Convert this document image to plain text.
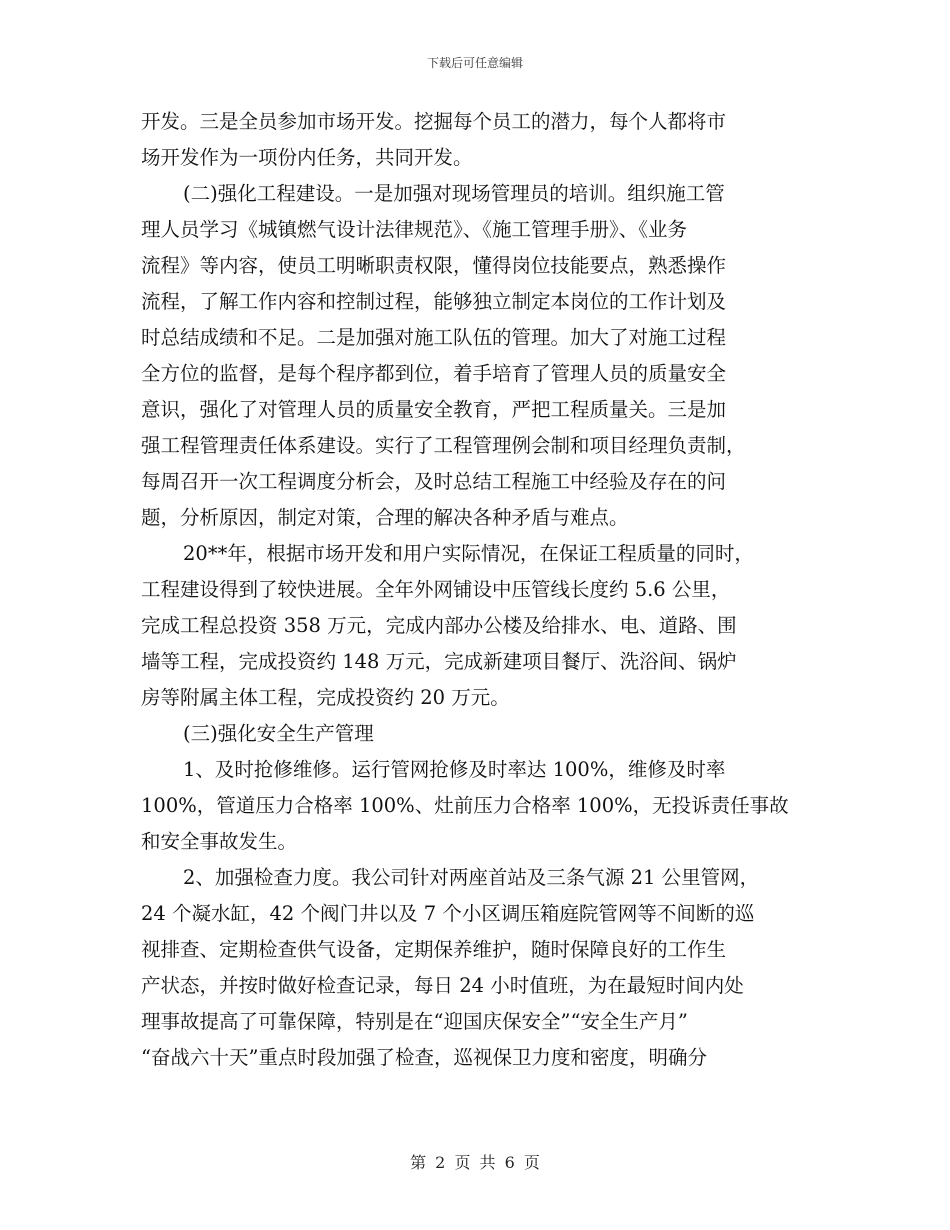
下载后可任意编辑
开发。三是全员参加市场开发。挖掘每个员工的潜力，每个人都将市
场开发作为一项份内任务，共同开发。
(二)强化工程建设。一是加强对现场管理员的培训。组织施工管
理人员学习《城镇燃气设计法律规范》、《施工管理手册》、《业务
流程》等内容，使员工明晰职责权限，懂得岗位技能要点，熟悉操作
流程，了解工作内容和控制过程，能够独立制定本岗位的工作计划及
时总结成绩和不足。二是加强对施工队伍的管理。加大了对施工过程
全方位的监督，是每个程序都到位，着手培育了管理人员的质量安全
意识，强化了对管理人员的质量安全教育，严把工程质量关。三是加
强工程管理责任体系建设。实行了工程管理例会制和项目经理负责制，
每周召开一次工程调度分析会，及时总结工程施工中经验及存在的问
题，分析原因，制定对策，合理的解决各种矛盾与难点。
20**年，根据市场开发和用户实际情况，在保证工程质量的同时，
工程建设得到了较快进展。全年外网铺设中压管线长度约 5.6 公里，
完成工程总投资 358 万元，完成内部办公楼及给排水、电、道路、围
墙等工程，完成投资约 148 万元，完成新建项目餐厅、洗浴间、锅炉
房等附属主体工程，完成投资约 20 万元。
(三)强化安全生产管理
1、及时抢修维修。运行管网抢修及时率达 100%，维修及时率
100%，管道压力合格率 100%、灶前压力合格率 100%，无投诉责任事故
和安全事故发生。
2、加强检查力度。我公司针对两座首站及三条气源 21 公里管网，
24 个凝水缸，42 个阀门井以及 7 个小区调压箱庭院管网等不间断的巡
视排查、定期检查供气设备，定期保养维护，随时保障良好的工作生
产状态，并按时做好检查记录，每日 24 小时值班，为在最短时间内处
理事故提高了可靠保障，特别是在“迎国庆保安全”“安全生产月”
“奋战六十天”重点时段加强了检查，巡视保卫力度和密度，明确分
第 2 页 共 6 页
